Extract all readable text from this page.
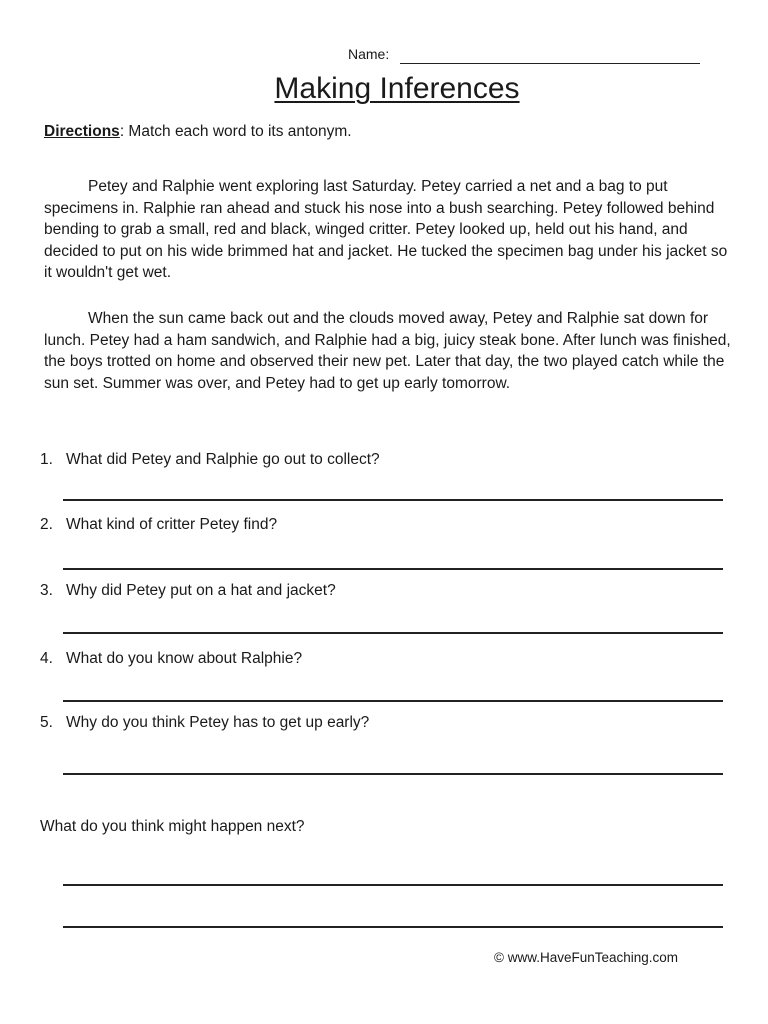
Name:
Making Inferences
Directions: Match each word to its antonym.

Petey and Ralphie went exploring last Saturday. Petey carried a net and a bag to put specimens in. Ralphie ran ahead and stuck his nose into a bush searching. Petey followed behind bending to grab a small, red and black, winged critter. Petey looked up, held out his hand, and decided to put on his wide brimmed hat and jacket. He tucked the specimen bag under his jacket so it wouldn't get wet.

When the sun came back out and the clouds moved away, Petey and Ralphie sat down for lunch. Petey had a ham sandwich, and Ralphie had a big, juicy steak bone. After lunch was finished, the boys trotted on home and observed their new pet. Later that day, the two played catch while the sun set. Summer was over, and Petey had to get up early tomorrow.

1. What did Petey and Ralphie go out to collect?
2. What kind of critter Petey find?
3. Why did Petey put on a hat and jacket?
4. What do you know about Ralphie?
5. Why do you think Petey has to get up early?
What do you think might happen next?
© www.HaveFunTeaching.com
